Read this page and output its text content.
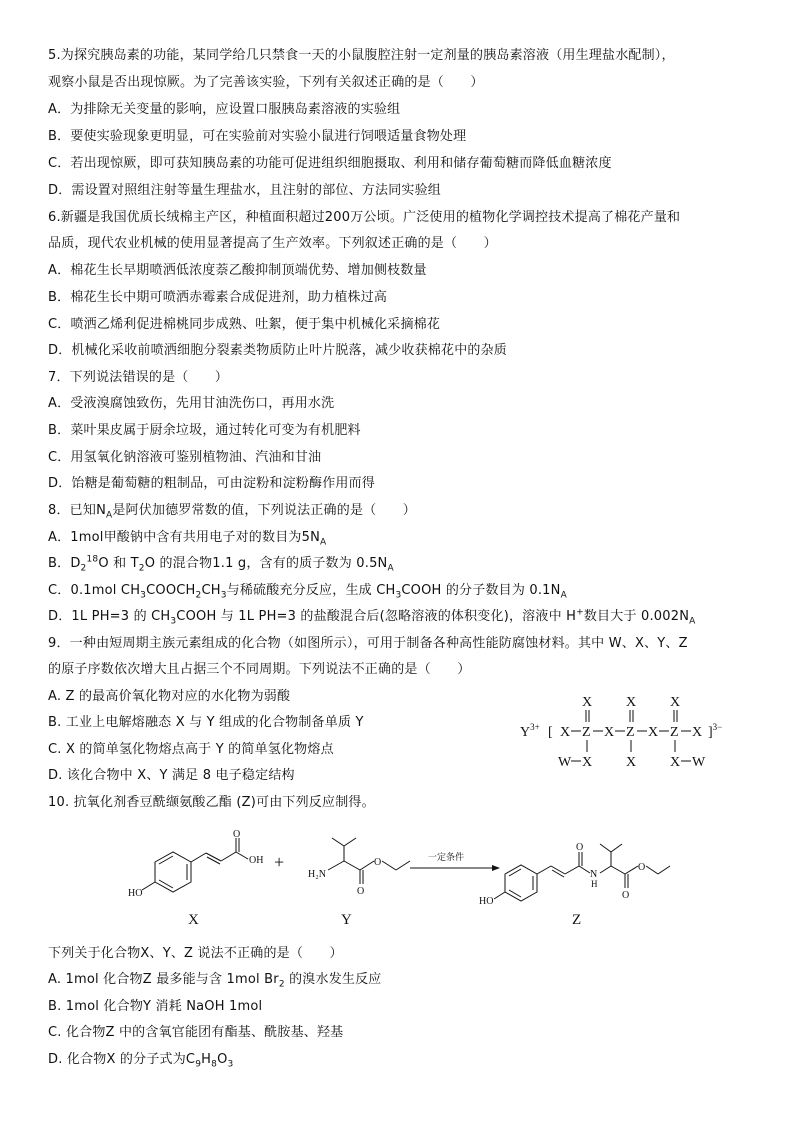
5.为探究胰岛素的功能，某同学给几只禁食一天的小鼠腹腔注射一定剂量的胰岛素溶液（用生理盐水配制），
观察小鼠是否出现惊厥。为了完善该实验，下列有关叙述正确的是（　　）
A．为排除无关变量的影响，应设置口服胰岛素溶液的实验组
B．要使实验现象更明显，可在实验前对实验小鼠进行饲喂适量食物处理
C．若出现惊厥，即可获知胰岛素的功能可促进组织细胞摄取、利用和储存葡萄糖而降低血糖浓度
D．需设置对照组注射等量生理盐水，且注射的部位、方法同实验组
6.新疆是我国优质长绒棉主产区，种植面积超过200万公顷。广泛使用的植物化学调控技术提高了棉花产量和
品质，现代农业机械的使用显著提高了生产效率。下列叙述正确的是（　　）
A．棉花生长早期喷洒低浓度萘乙酸抑制顶端优势、增加侧枝数量
B．棉花生长中期可喷洒赤霉素合成促进剂，助力植株过高
C．喷洒乙烯利促进棉桃同步成熟、吐絮，便于集中机械化采摘棉花
D．机械化采收前喷洒细胞分裂素类物质防止叶片脱落，减少收获棉花中的杂质
7．下列说法错误的是（　　）
A．受液溴腐蚀致伤，先用甘油洗伤口，再用水洗
B．菜叶果皮属于厨余垃圾，通过转化可变为有机肥料
C．用氢氧化钠溶液可鉴别植物油、汽油和甘油
D．饴糖是葡萄糖的粗制品，可由淀粉和淀粉酶作用而得
8．已知$N_A$是阿伏加德罗常数的值，下列说法正确的是（　　）
A．1mol甲酸钠中含有共用电子对的数目为$5N_A$
B．$D_2^{18}O$ 和 $T_2O$ 的混合物1.1 g，含有的质子数为 $0.5N_A$
C．0.1mol $CH_3COOCH_2CH_3$与稀硫酸充分反应，生成 $CH_3COOH$ 的分子数目为 $0.1N_A$
D．1L PH=3 的 $CH_3COOH$ 与 1L PH=3 的盐酸混合后(忽略溶液的体积变化)，溶液中 H+数目大于 $0.002N_A$
9．一种由短周期主族元素组成的化合物（如图所示），可用于制备各种高性能防腐蚀材料。其中 W、X、Y、Z
的原子序数依次增大且占据三个不同周期。下列说法不正确的是（　　）
A. Z 的最高价氧化物对应的水化物为弱酸
B. 工业上电解熔融态 X 与 Y 组成的化合物制备单质 Y
C. X 的简单氢化物熔点高于 Y 的简单氢化物熔点
D. 该化合物中 X、Y 满足 8 电子稳定结构
$Y^{3+}$ [ X Z X Z X Z X ]$^{3-}$
X X X
W X X X W
10. 抗氧化剂香豆酰缬氨酸乙酯 (Z)可由下列反应制得。
HO
O
OH +
H₂N
O
O	一定条件
HO
O
N
H
O
O
X	Y	Z
下列关于化合物X、Y、Z 说法不正确的是（　　）
A. 1mol 化合物Z 最多能与含 1mol $Br_2$ 的溴水发生反应
B. 1mol 化合物Y 消耗 NaOH 1mol
C. 化合物Z 中的含氧官能团有酯基、酰胺基、羟基
D. 化合物X 的分子式为$C_9H_8O_3$
